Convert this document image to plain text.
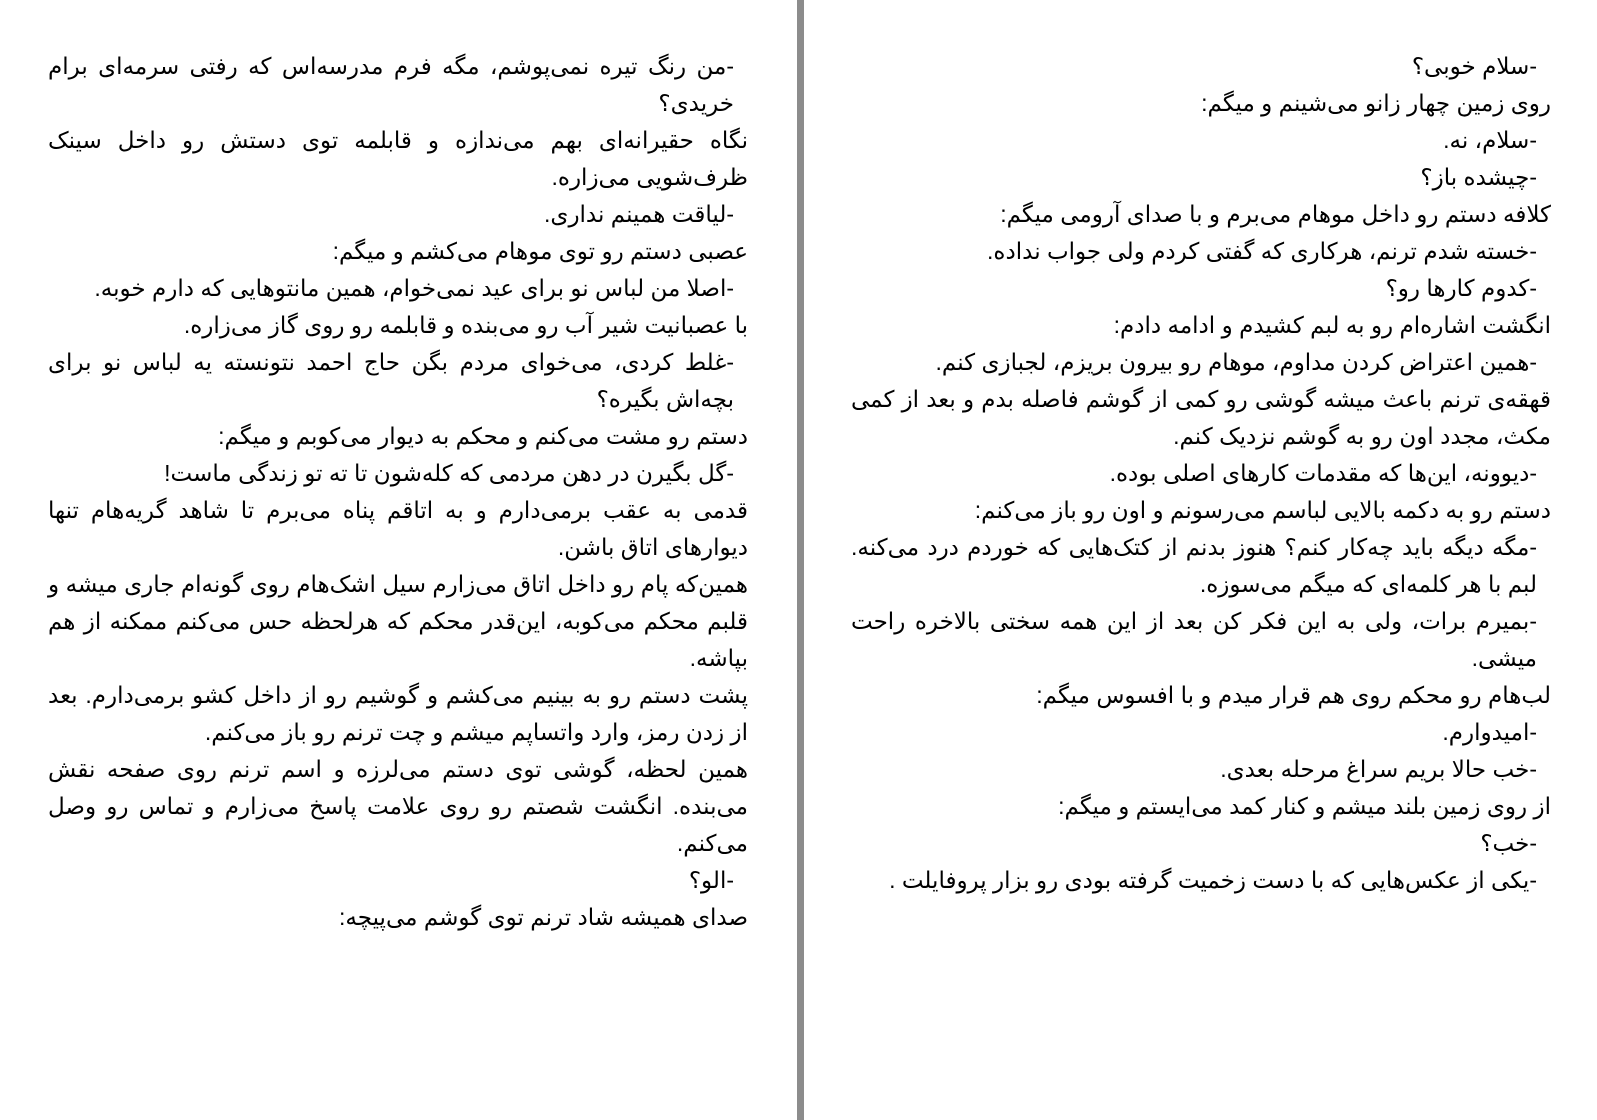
-من رنگ تیره نمی‌پوشم، مگه فرم مدرسه‌اس که رفتی سرمه‌ای برام خریدی؟

نگاه حقیرانه‌ای بهم می‌ندازه و قابلمه توی دستش رو داخل سینک ظرف‌شویی می‌زاره.

-لیاقت همینم نداری.

عصبی دستم رو توی موهام می‌کشم و میگم:

-اصلا من لباس نو برای عید نمی‌خوام، همین مانتوهایی که دارم خوبه.

با عصبانیت شیر آب رو می‌بنده و قابلمه رو روی گاز می‌زاره.

-غلط کردی، می‌خوای مردم بگن حاج احمد نتونسته یه لباس نو برای بچه‌اش بگیره؟

دستم رو مشت می‌کنم و محکم به دیوار می‌کوبم و میگم:

-گل بگیرن در دهن مردمی که کله‌شون تا ته تو زندگی ماست!

قدمی به عقب برمی‌دارم و به اتاقم پناه می‌برم تا شاهد گریه‌هام تنها دیوارهای اتاق باشن.

همین‌که پام رو داخل اتاق می‌زارم سیل اشک‌هام روی گونه‌ام جاری میشه و قلبم محکم می‌کوبه، این‌قدر محکم که هرلحظه حس می‌کنم ممکنه از هم بپاشه.

پشت دستم رو به بینیم می‌کشم و گوشیم رو از داخل کشو برمی‌دارم. بعد از زدن رمز، وارد واتساپم میشم و چت ترنم رو باز می‌کنم.

همین لحظه، گوشی توی دستم می‌لرزه و اسم ترنم روی صفحه نقش می‌بنده. انگشت شصتم رو روی علامت پاسخ می‌زارم و تماس رو وصل می‌کنم.

-الو؟

صدای همیشه شاد ترنم توی گوشم می‌پیچه:

-سلام خوبی؟

روی زمین چهار زانو می‌شینم و میگم:

-سلام، نه.

-چیشده باز؟

کلافه دستم رو داخل موهام می‌برم و با صدای آرومی میگم:

-خسته شدم ترنم، هرکاری که گفتی کردم ولی جواب نداده.

-کدوم کارها رو؟

انگشت اشاره‌ام رو به لبم کشیدم و ادامه دادم:

-همین اعتراض کردن مداوم، موهام رو بیرون بریزم، لجبازی کنم.

قهقه‌ی ترنم باعث میشه گوشی رو کمی از گوشم فاصله بدم و بعد از کمی مکث، مجدد اون رو به گوشم نزدیک کنم.

-دیوونه، این‌ها که مقدمات کارهای اصلی بوده.

دستم رو به دکمه بالایی لباسم می‌رسونم و اون رو باز می‌کنم:

-مگه دیگه باید چه‌کار کنم؟ هنوز بدنم از کتک‌هایی که خوردم درد می‌کنه. لبم با هر کلمه‌ای که میگم می‌سوزه.

-بمیرم برات، ولی به این فکر کن بعد از این همه سختی بالاخره راحت میشی.

لب‌هام رو محکم روی هم قرار میدم و با افسوس میگم:

-امیدوارم.

-خب حالا بریم سراغ مرحله بعدی.

از روی زمین بلند میشم و کنار کمد می‌ایستم و میگم:

-خب؟

-یکی از عکس‌هایی که با دست زخمیت گرفته بودی رو بزار پروفایلت .
